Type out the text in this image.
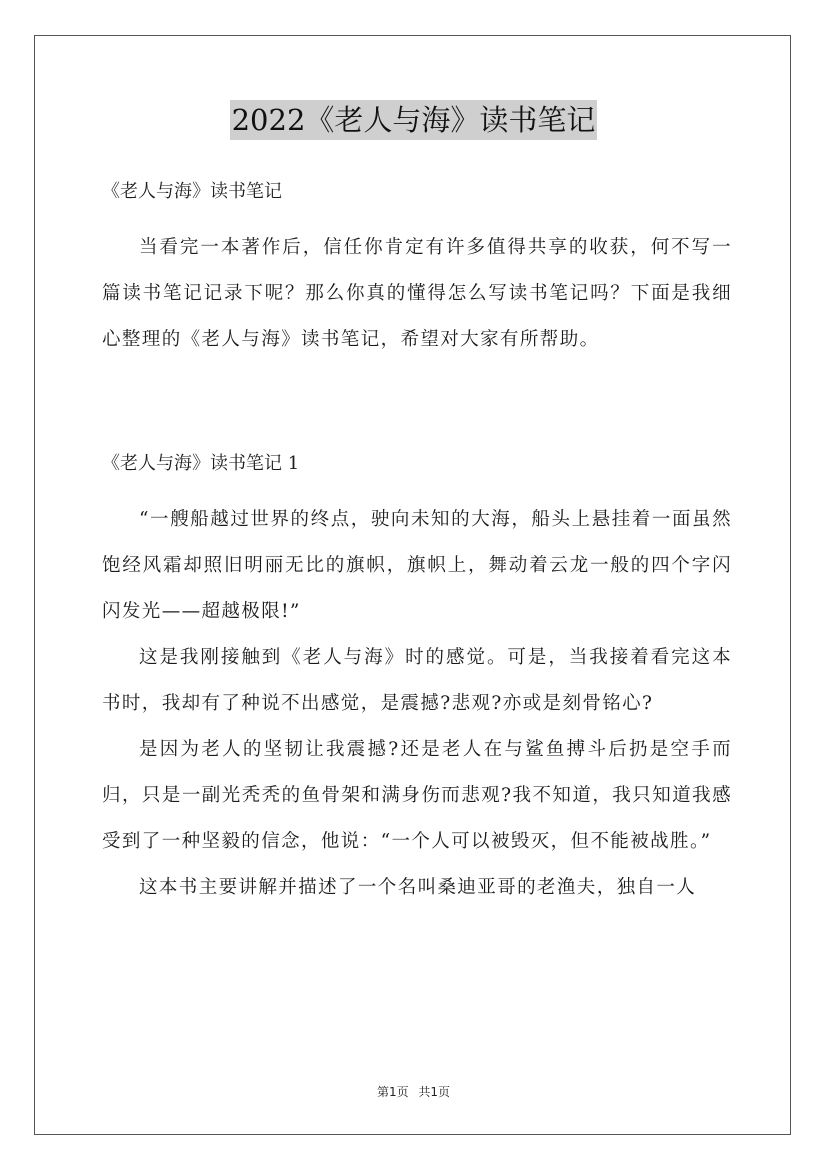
2022《老人与海》读书笔记

《老人与海》读书笔记

当看完一本著作后，信任你肯定有许多值得共享的收获，何不写一篇读书笔记记录下呢？那么你真的懂得怎么写读书笔记吗？下面是我细心整理的《老人与海》读书笔记，希望对大家有所帮助。

《老人与海》读书笔记 1

“一艘船越过世界的终点，驶向未知的大海，船头上悬挂着一面虽然饱经风霜却照旧明丽无比的旗帜，旗帜上，舞动着云龙一般的四个字闪闪发光——超越极限!”

这是我刚接触到《老人与海》时的感觉。可是，当我接着看完这本书时，我却有了种说不出感觉，是震撼?悲观?亦或是刻骨铭心?

是因为老人的坚韧让我震撼?还是老人在与鲨鱼搏斗后扔是空手而归，只是一副光秃秃的鱼骨架和满身伤而悲观?我不知道，我只知道我感受到了一种坚毅的信念，他说：“一个人可以被毁灭，但不能被战胜。”

这本书主要讲解并描述了一个名叫桑迪亚哥的老渔夫，独自一人

第1页 共1页
